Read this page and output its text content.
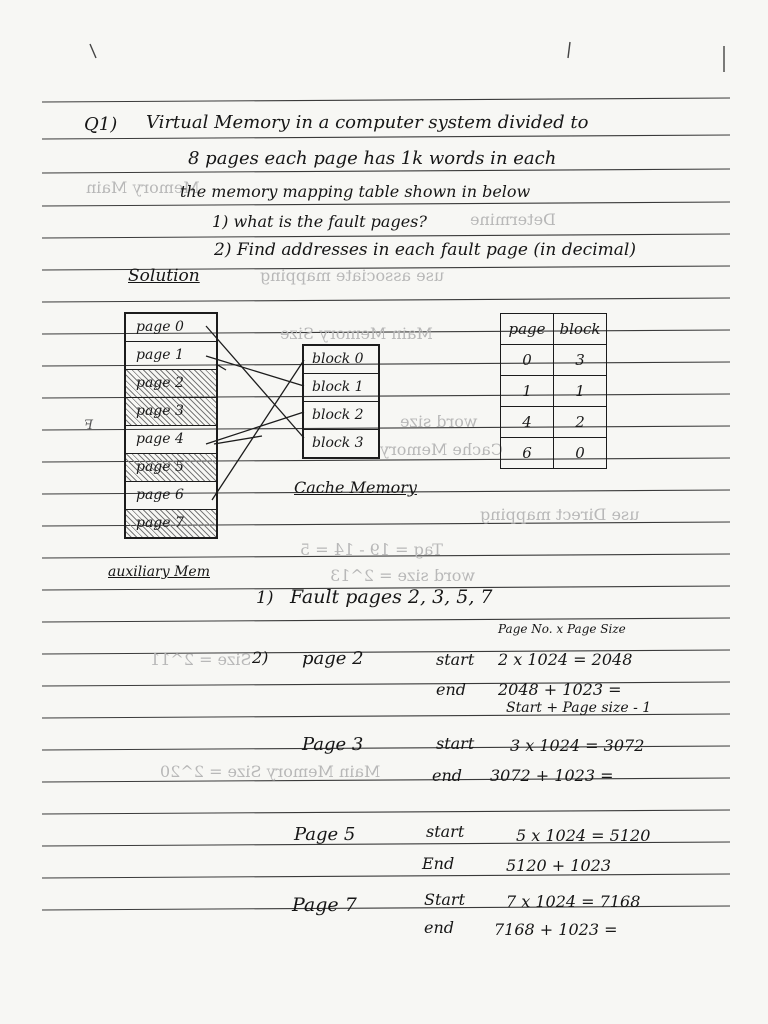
Memory Main
Determine
use associate mapping
Main Memory Size
word size
Cache Memory
use Direct mapping
Tag = 19 - 14 = 5
word size = 2^13
Size = 2^11
Main Memory Size = 2^20
Q1) Virtual Memory in a computer system divided to
8 pages each page has 1k words in each
the memory mapping table shown in below
1) what is the fault pages?
2) Find addresses in each fault page (in decimal)
Solution
page 0
page 1
page 2
page 3
page 4
page 5
page 6
page 7
block 0
block 1
block 2
block 3
Cache Memory
auxiliary Mem
page	block
0	3
1	1
4	2
6	0
1) Fault pages 2, 3, 5, 7
Page No. x Page Size
2) page 2	start 2 x 1024 = 2048
end 2048 + 1023 =
Start + Page size - 1
Page 3	start 3 x 1024 = 3072
end 3072 + 1023 =
Page 5	start	5 x 1024 = 5120
End	5120 + 1023
Page 7	Start	7 x 1024 = 7168
end 7168 + 1023 =
ꟻ
